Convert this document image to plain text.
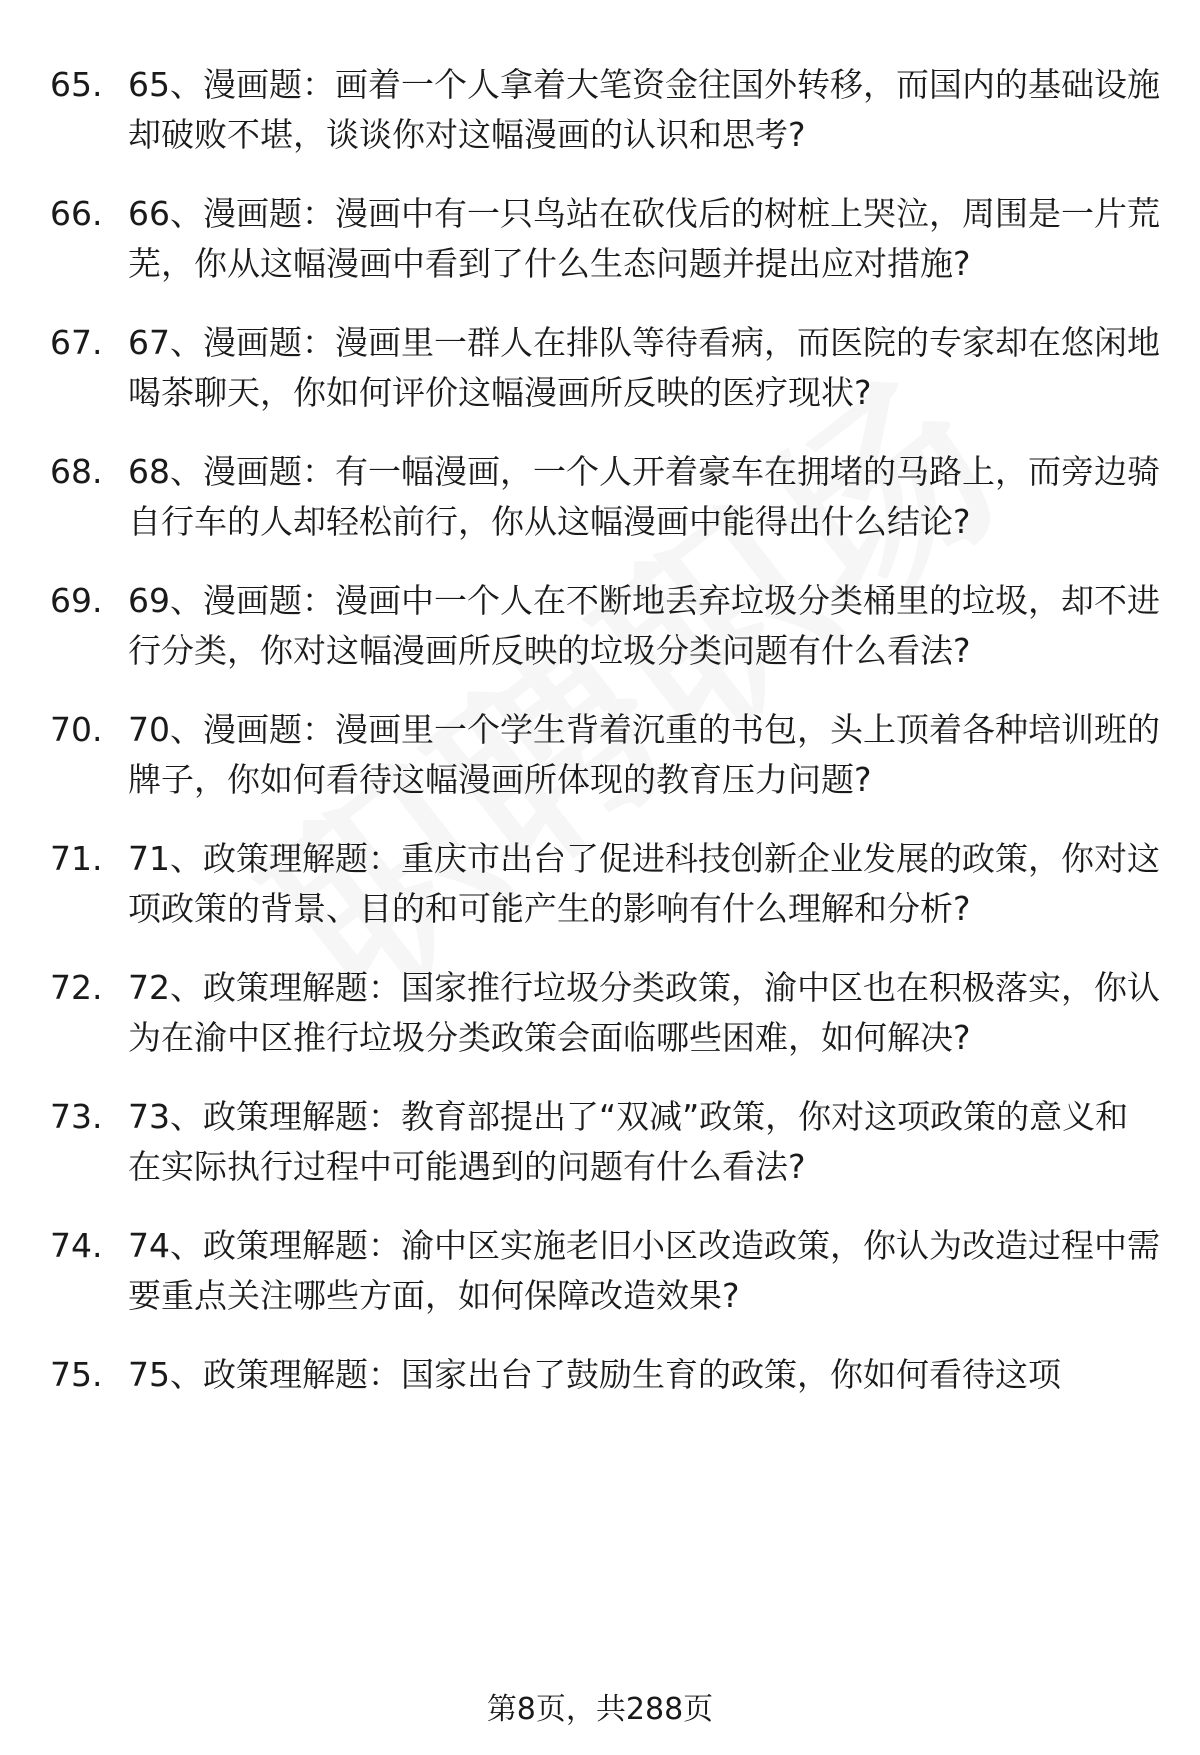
65. 65、漫画题：画着一个人拿着大笔资金往国外转移，而国内的基础设施却破败不堪，谈谈你对这幅漫画的认识和思考?
66. 66、漫画题：漫画中有一只鸟站在砍伐后的树桩上哭泣，周围是一片荒芜，你从这幅漫画中看到了什么生态问题并提出应对措施?
67. 67、漫画题：漫画里一群人在排队等待看病，而医院的专家却在悠闲地喝茶聊天，你如何评价这幅漫画所反映的医疗现状?
68. 68、漫画题：有一幅漫画，一个人开着豪车在拥堵的马路上，而旁边骑自行车的人却轻松前行，你从这幅漫画中能得出什么结论?
69. 69、漫画题：漫画中一个人在不断地丢弃垃圾分类桶里的垃圾，却不进行分类，你对这幅漫画所反映的垃圾分类问题有什么看法?
70. 70、漫画题：漫画里一个学生背着沉重的书包，头上顶着各种培训班的牌子，你如何看待这幅漫画所体现的教育压力问题?
71. 71、政策理解题：重庆市出台了促进科技创新企业发展的政策，你对这项政策的背景、目的和可能产生的影响有什么理解和分析?
72. 72、政策理解题：国家推行垃圾分类政策，渝中区也在积极落实，你认为在渝中区推行垃圾分类政策会面临哪些困难，如何解决?
73. 73、政策理解题：教育部提出了“双减”政策，你对这项政策的意义和在实际执行过程中可能遇到的问题有什么看法?
74. 74、政策理解题：渝中区实施老旧小区改造政策，你认为改造过程中需要重点关注哪些方面，如何保障改造效果?
75. 75、政策理解题：国家出台了鼓励生育的政策，你如何看待这项
第8页，共288页
